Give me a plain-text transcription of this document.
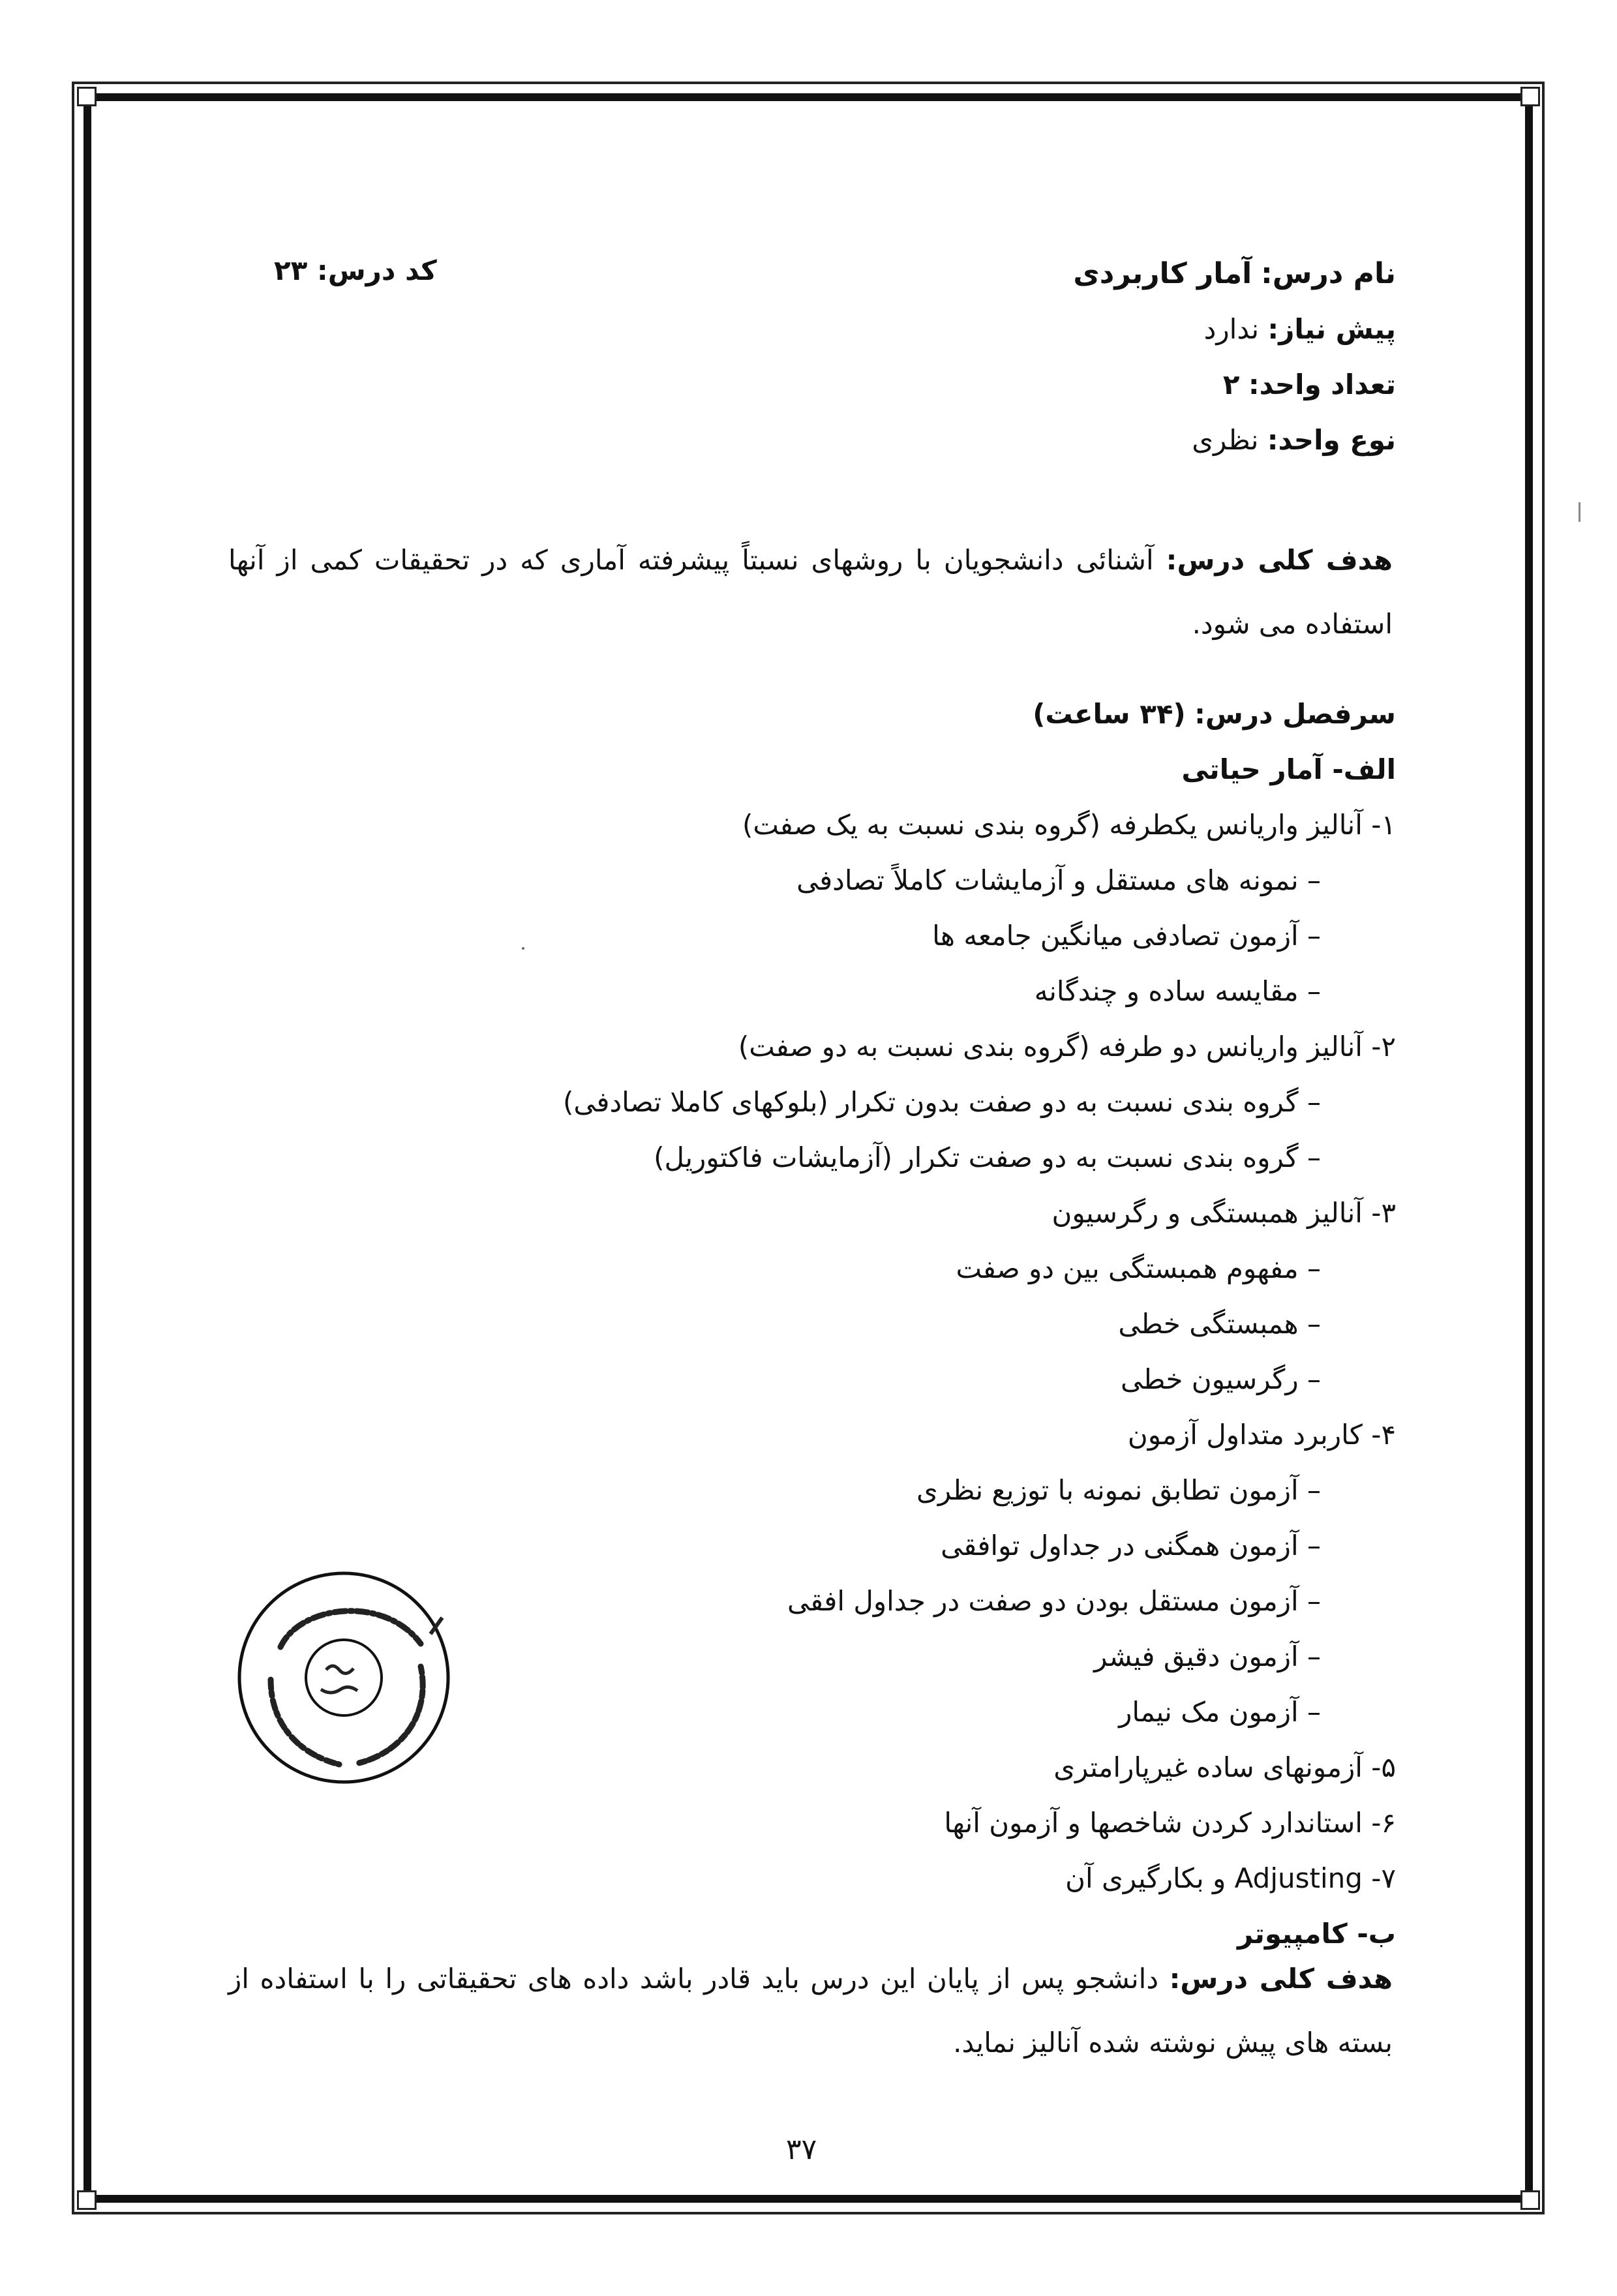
کد درس: ۲۳	نام درس: آمار کاربردی
پیش نیاز: ندارد
تعداد واحد: ۲
نوع واحد: نظری
سرفصل درس: (۳۴ ساعت)
الف- آمار حیاتی
۱- آنالیز واریانس یکطرفه (گروه بندی نسبت به یک صفت)
– نمونه های مستقل و آزمایشات کاملاً تصادفی
– آزمون تصادفی میانگین جامعه ها
– مقایسه ساده و چندگانه
۲- آنالیز واریانس دو طرفه (گروه بندی نسبت به دو صفت)
– گروه بندی نسبت به دو صفت بدون تکرار (بلوکهای کاملا تصادفی)
– گروه بندی نسبت به دو صفت تکرار (آزمایشات فاکتوریل)
۳- آنالیز همبستگی و رگرسیون
– مفهوم همبستگی بین دو صفت
– همبستگی خطی
– رگرسیون خطی
۴- کاربرد متداول آزمون
– آزمون تطابق نمونه با توزیع نظری
– آزمون همگنی در جداول توافقی
– آزمون مستقل بودن دو صفت در جداول افقی
– آزمون دقیق فیشر
– آزمون مک نیمار
۵- آزمونهای ساده غیرپارامتری
۶- استاندارد کردن شاخصها و آزمون آنها
۷- Adjusting و بکارگیری آن
ب- کامپیوتر
هدف کلی درس: آشنائی دانشجویان با روشهای نسبتاً پیشرفته آماری که در تحقیقات کمی از آنها استفاده می شود.
هدف کلی درس: دانشجو پس از پایان این درس باید قادر باشد داده های تحقیقاتی را با استفاده از بسته های پیش نوشته شده آنالیز نماید.
۳۷
